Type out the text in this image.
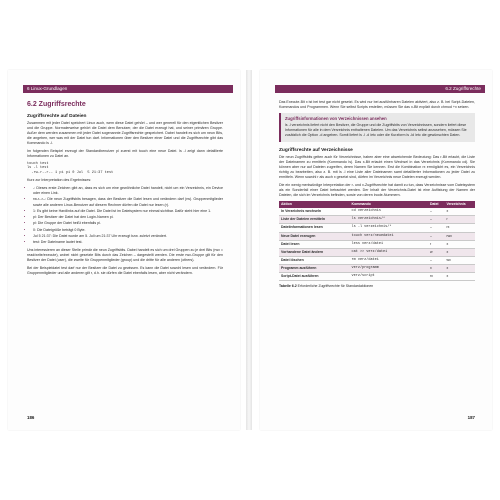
6 Linux-Grundlagen
6.2 Zugriffsrechte
Zugriffsrechte auf Dateien

Zusammen mit jeder Datei speichert Linux auch, wem diese Datei gehört – und wer generell für den eigentlichen Besitzer und die Gruppe. Normalerweise gehört die Datei dem Benutzer, der die Datei erzeugt hat, und seiner primären Gruppe. Außer dem werden zusammen mit jeder Datei sogenannte Zugriffsrechte gespeichert. Dabei handelt es sich um neun Bits, die angeben, wer was mit der Datei tun darf. Informationen über den Besitzer einer Datei und die Zugriffsrechte gibt das Kommando ls -l.

Im folgenden Beispiel erzeugt der Standardbenutzer pi zuerst mit touch eine neue Datei. ls -l zeigt dann detaillierte Informationen zu Datei an.

touch test
ls -l test
-rw-r--r-- 1 pi pi 0 Jul  5 21:37 test

Kurz zur Interpretation des Ergebnisses:

• -: Dieses erste Zeichen gibt an, dass es sich um eine gewöhnliche Datei handelt, nicht um ein Verzeichnis, ein Device oder einen Link.
• rw-r--r--: Die neun Zugriffsbits besagen, dass der Besitzer die Datei lesen und verändern darf (rw). Gruppenmitglieder sowie alle anderen Linux-Benutzer auf diesem Rechner dürfen die Datei nur lesen (r).
• 1: Es gibt keine Hardlinks auf die Datei. Die Datei ist im Dateisystem nur einmal sichtbar. Dafür steht hier eine 1.
• pi: Der Besitzer der Datei hat den Login-Namen pi.
• pi: Die Gruppe der Datei heißt ebenfalls pi.
• 0: Die Dateigröße beträgt 0 Byte.
• Jul 5 21:37: Die Datei wurde am 5. Juli um 21:37 Uhr erzeugt bzw. zuletzt verändert.
• test: Der Dateiname lautet test.

Uns interessieren an dieser Stelle primär die neun Zugriffsbits. Dabei handelt es sich um drei Gruppen zu je drei Bits (rwx = read/write/execute), wobei nicht gesetzte Bits durch das Zeichen – dargestellt werden. Die erste rwx-Gruppe gilt für den Besitzer der Datei (user), die zweite für Gruppenmitglieder (group) und die dritte für alle anderen (others).

Bei der Beispieldatei test darf nur der Besitzer die Datei zu gewissen. Es kann die Datei sowohl lesen und verändern. Für Gruppenmitglieder und alle anderen gilt r, d.h. sie dürfen die Datei ebenfalls lesen, aber nicht verändern.

186
6.2 Zugriffsrechte

Das Execute-Bit x ist bei test gar nicht gesetzt. Es wird nur bei ausführbaren Dateien aktiviert, also z. B. bei Script-Dateien, Kommandos und Programmen. Wenn Sie selbst Scripts erstellen, müssen Sie das x-Bit explizit durch chmod +x setzen.

Zugriffsinformationen von Verzeichnissen ansehen
ls -l verzeichnis liefert nicht den Besitzer, die Gruppe und die Zugriffsbits von Verzeichnissen, sondern liefert diese Informationen für alle in dem Verzeichnis enthaltenen Dateien. Um das Verzeichnis selbst anzusehen, müssen Sie zusätzlich die Option -d angeben. Somit liefert ls -l -d /etc oder die Kurzform ls -ld /etc die gewünschten Daten.
Zugriffsrechte auf Verzeichnisse

Die neun Zugriffsbits gelten auch für Verzeichnisse, haben aber eine abweichende Bedeutung: Das r-Bit erlaubt, die Liste der Dateinamen zu ermitteln (Kommando ls). Das x-Bit erlaubt einen Wechsel in das Verzeichnis (Kommando cd). Sie können aber nur auf Dateien zugreifen, deren Namen Sie kennen. Erst die Kombination rx ermöglicht es, ein Verzeichnis richtig zu bearbeiten, also z. B. mit ls -l eine Liste aller Dateinamen samt detaillierter Informationen zu jeder Datei zu ermitteln. Wenn sowohl r als auch x gesetzt sind, dürfen im Verzeichnis neue Dateien erzeugt werden.

Die ein wenig merkwürdige Interpretation der r- und x-Zugriffsrechte hat damit zu tun, dass Verzeichnisse vom Dateisystem als ein Sonderfall einer Datei betrachtet werden. Der Inhalt der Verzeichnis-Datei ist eine Auflistung der Namen der Dateien, die sich im Verzeichnis befinden, sowie von deren Inode-Nummern.

Aktion	Kommando	Datei	Verzeichnis
In Verzeichnis wechseln	cd verzeichnis	–	x
Liste der Dateien ermitteln	ls verzeichnis/*	–	r
Dateiinformationen lesen	ls -l verzeichnis/*	–	rx
Neue Datei erzeugen	touch verz/neuedatei	–	rwx
Datei lesen	less verz/datei	r	x
Vorhandene Datei ändern	cat >> verz/datei	w	x
Datei löschen	rm verz/datei	–	wx
Programm ausführen	verz/programm	x	x
Script-Datei ausführen	verz/script	rx	x
Tabelle 6.2 Erforderliche Zugriffsrechte für Standardaktionen
187
